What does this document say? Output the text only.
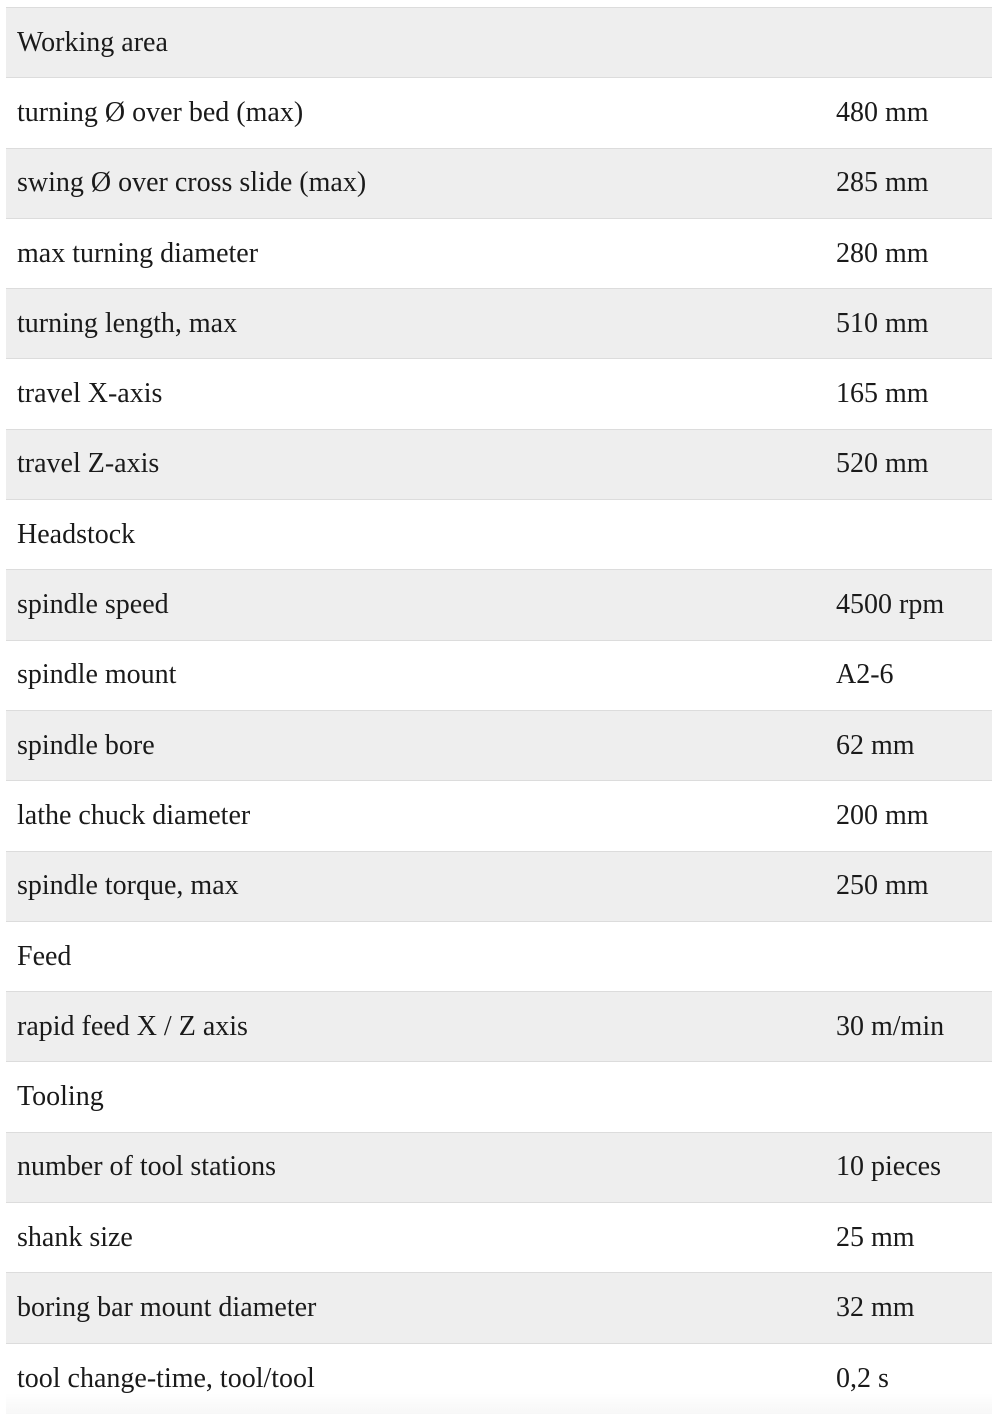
Working area
turning Ø over bed (max)	480 mm
swing Ø over cross slide (max)	285 mm
max turning diameter	280 mm
turning length, max	510 mm
travel X-axis	165 mm
travel Z-axis	520 mm
Headstock
spindle speed	4500 rpm
spindle mount	A2-6
spindle bore	62 mm
lathe chuck diameter	200 mm
spindle torque, max	250 mm
Feed
rapid feed X / Z axis	30 m/min
Tooling
number of tool stations	10 pieces
shank size	25 mm
boring bar mount diameter	32 mm
tool change-time, tool/tool	0,2 s
